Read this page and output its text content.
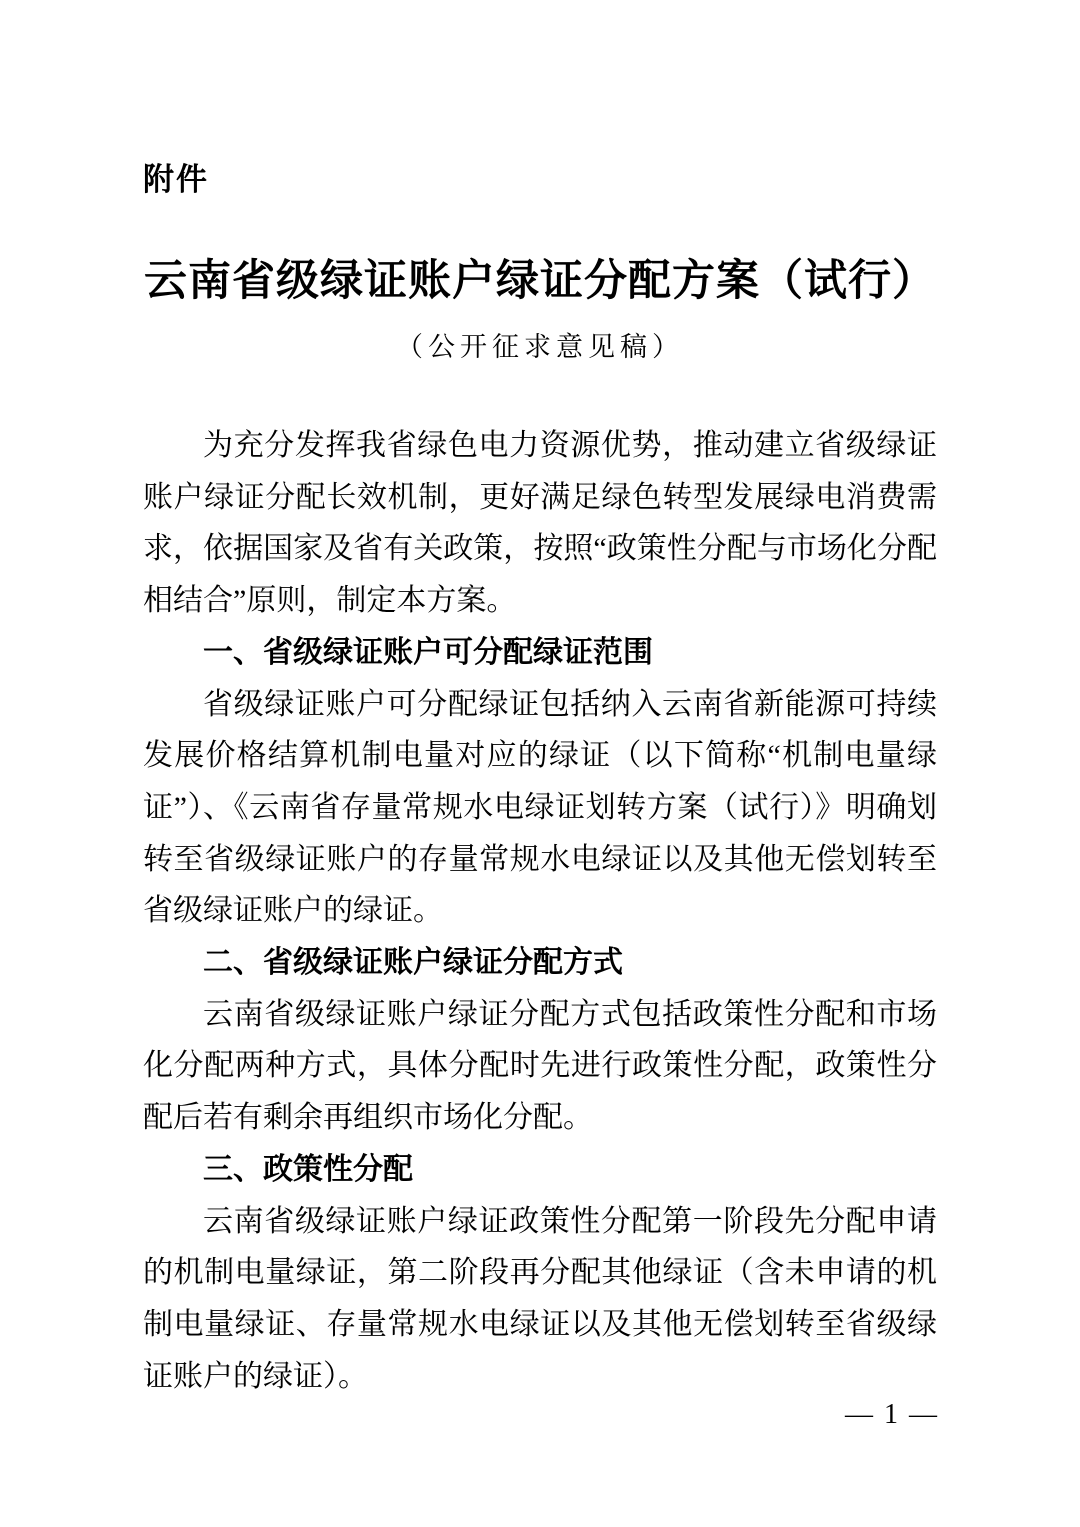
附件
云南省级绿证账户绿证分配方案（试行）
（公开征求意见稿）

为充分发挥我省绿色电力资源优势，推动建立省级绿证账户绿证分配长效机制，更好满足绿色转型发展绿电消费需求，依据国家及省有关政策，按照“政策性分配与市场化分配相结合”原则，制定本方案。

一、省级绿证账户可分配绿证范围

省级绿证账户可分配绿证包括纳入云南省新能源可持续发展价格结算机制电量对应的绿证（以下简称“机制电量绿证”）、《云南省存量常规水电绿证划转方案（试行）》明确划转至省级绿证账户的存量常规水电绿证以及其他无偿划转至省级绿证账户的绿证。

二、省级绿证账户绿证分配方式

云南省级绿证账户绿证分配方式包括政策性分配和市场化分配两种方式，具体分配时先进行政策性分配，政策性分配后若有剩余再组织市场化分配。

三、政策性分配

云南省级绿证账户绿证政策性分配第一阶段先分配申请的机制电量绿证，第二阶段再分配其他绿证（含未申请的机制电量绿证、存量常规水电绿证以及其他无偿划转至省级绿证账户的绿证）。

— 1 —
